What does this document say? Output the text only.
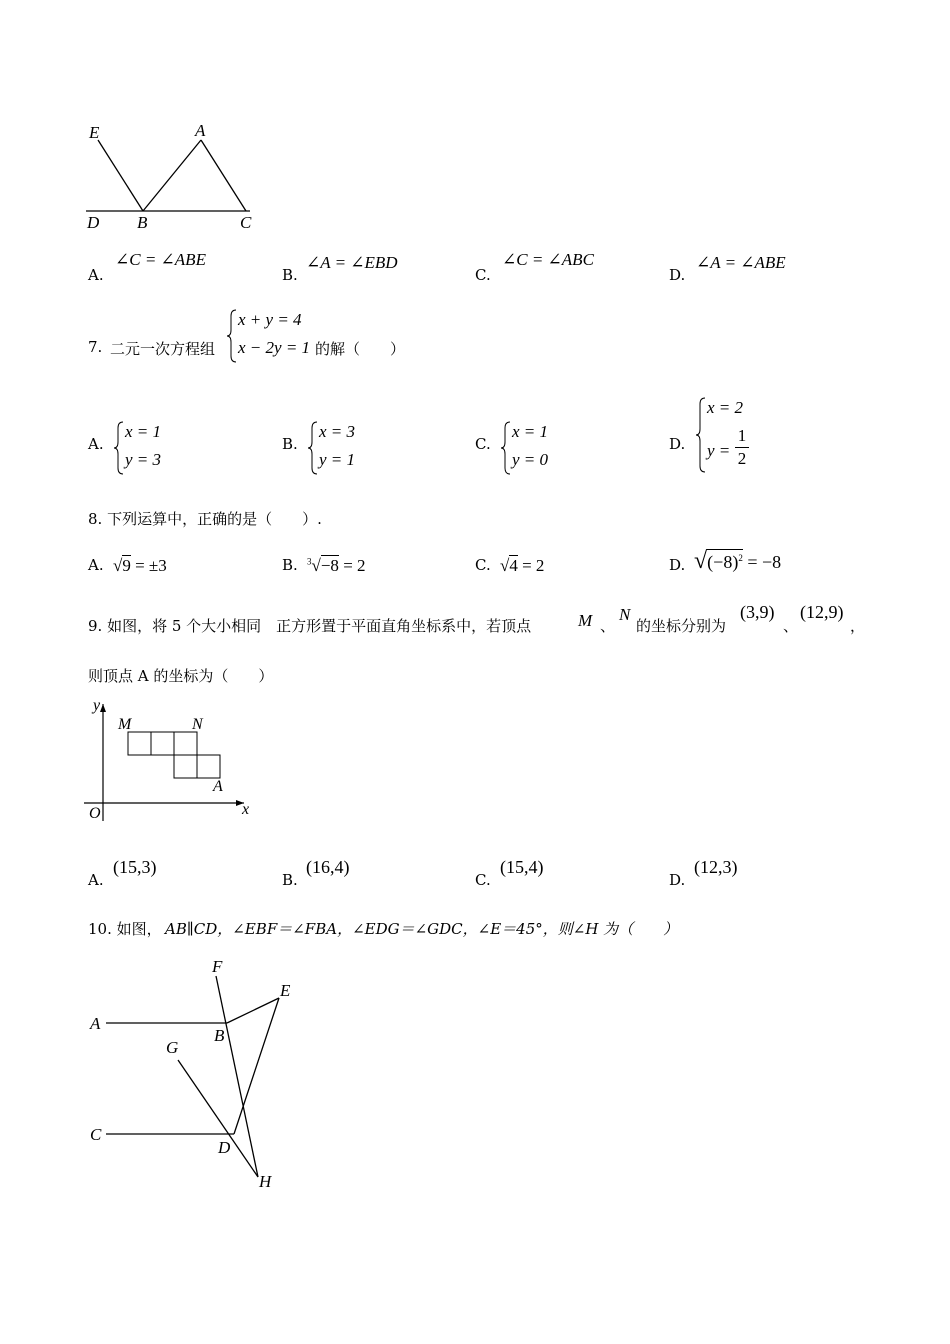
E	A
D B	C
A.
∠C = ∠ABE
B.
∠A = ∠EBD
C.
∠C = ∠ABC
D.
∠A = ∠ABE
7. 二元一次方程组
x + y = 4
x − 2y = 1 的解（　　）
A.
x = 1
y = 3
B.
x = 3
y = 1
C.
x = 1
y = 0
D.
x = 2
y =
1
2
8. 下列运算中，正确的是（　　）.
A. √9 = ±3	B. $^3$√−8 = 2	C. √4 = 2	D. $√(-8)^2 = -8$
9. 如图，将 5 个大小相同　正方形置于平面直角坐标系中，若顶点	M 、
N
的坐标分别为
(3,9)
、
(12,9)
，
则顶点 A 的坐标为（　　）
y
M	N
A
O	x
A.
(15,3)
B.
(16,4)
C.
(15,4)
D.
(12,3)
10. 如图， AB∥CD，∠EBF＝∠FBA，∠EDG＝∠GDC，∠E＝45°，则∠H 为（　　）
F
E
A
B
G
C
D
H
